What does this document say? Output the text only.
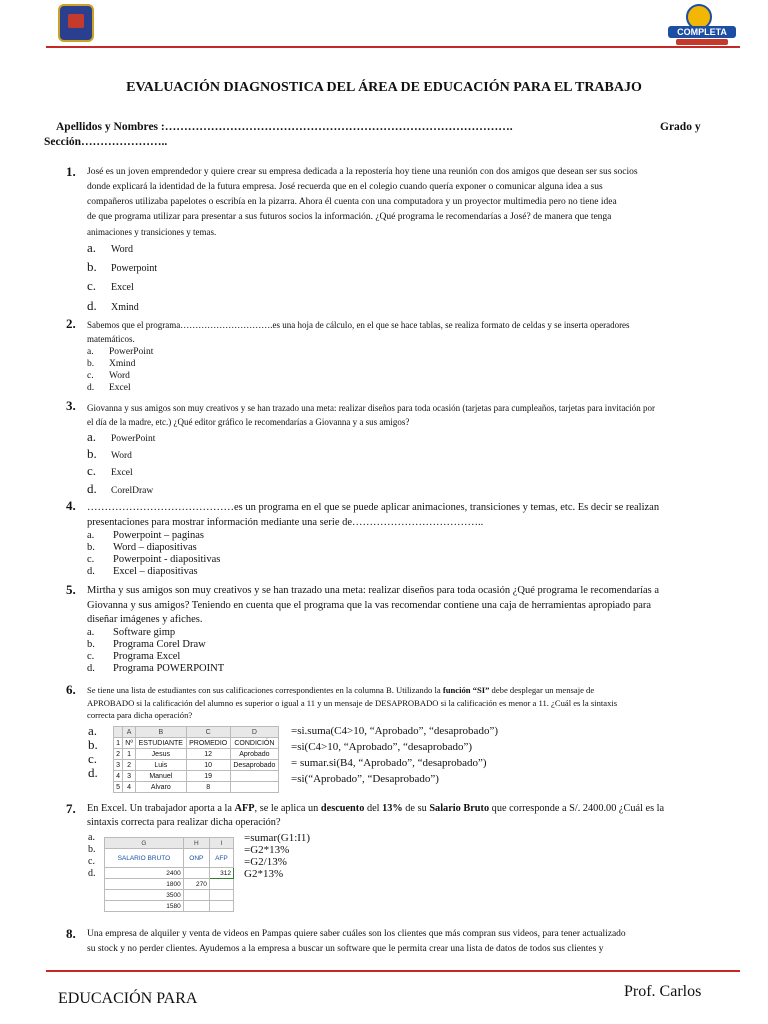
COMPLETA
EVALUACIÓN DIAGNOSTICA DEL ÁREA DE EDUCACIÓN PARA EL TRABAJO
Apellidos y Nombres :……………………………………………………………………………….	Grado y
Sección…………………..
1. José es un joven emprendedor y quiere crear su empresa dedicada a la repostería hoy tiene una reunión con dos amigos que desean ser sus socios
donde explicará la identidad de la futura empresa. José recuerda que en el colegio cuando quería exponer o comunicar alguna idea a sus
compañeros utilizaba papelotes o escribía en la pizarra. Ahora él cuenta con una computadora y un proyector multimedia pero no tiene idea
de que programa utilizar para presentar a sus futuros socios la información. ¿Qué programa le recomendarías a José? de manera que tenga
animaciones y transiciones y temas.
a. Word
b. Powerpoint
c. Excel
d. Xmind
2. Sabemos que el programa………………………….es una hoja de cálculo, en el que se hace tablas, se realiza formato de celdas y se inserta operadores
matemáticos.
a. PowerPoint
b. Xmind
c. Word
d. Excel
3. Giovanna y sus amigos son muy creativos y se han trazado una meta: realizar diseños para toda ocasión (tarjetas para cumpleaños, tarjetas para invitación por
el día de la madre, etc.) ¿Qué editor gráfico le recomendarías a Giovanna y a sus amigos?
a. PowerPoint
b. Word
c. Excel
d. CorelDraw
4. ……………………………………es un programa en el que se puede aplicar animaciones, transiciones y temas, etc. Es decir se realizan
presentaciones para mostrar información mediante una serie de………………………………..
a. Powerpoint – paginas
b. Word – diapositivas
c. Powerpoint - diapositivas
d. Excel – diapositivas
5. Mirtha y sus amigos son muy creativos y se han trazado una meta: realizar diseños para toda ocasión ¿Qué programa le recomendarías a
Giovanna y sus amigos? Teniendo en cuenta que el programa que la vas recomendar contiene una caja de herramientas apropiado para
diseñar imágenes y afiches.
a. Software gimp
b. Programa Corel Draw
c. Programa Excel
d. Programa POWERPOINT
6. Se tiene una lista de estudiantes con sus calificaciones correspondientes en la columna B. Utilizando la función “SI” debe desplegar un mensaje de
APROBADO si la calificación del alumno es superior o igual a 11 y un mensaje de DESAPROBADO si la calificación es menor a 11. ¿Cuál es la sintaxis
correcta para dicha operación?
a.
b.
c.
d.
	A	B	C	D
1	Nº	ESTUDIANTE	PROMEDIO	CONDICIÓN
2	1	Jesus	12	Aprobado
3	2	Luis	10	Desaprobado
4	3	Manuel	19	
5	4	Alvaro	8	
=si.suma(C4>10, “Aprobado”, “desaprobado”)
=si(C4>10, “Aprobado”, “desaprobado”)
= sumar.si(B4, “Aprobado”, “desaprobado”)
=si(“Aprobado”, “Desaprobado”)
7. En Excel. Un trabajador aporta a la AFP, se le aplica un descuento del 13% de su Salario Bruto que corresponde a S/. 2400.00 ¿Cuál es la
sintaxis correcta para realizar dicha operación?
a.
b.
c.
d.
G	H	I
SALARIO BRUTO	ONP	AFP
2400		312
1800	270	
3500		
1580		
=sumar(G1:I1)
=G2*13%
=G2/13%
G2*13%
8. Una empresa de alquiler y venta de videos en Pampas quiere saber cuáles son los clientes que más compran sus videos, para tener actualizado
su stock y no perder clientes. Ayudemos a la empresa a buscar un software que le permita crear una lista de datos de todos sus clientes y
EDUCACIÓN PARA	Prof. Carlos
